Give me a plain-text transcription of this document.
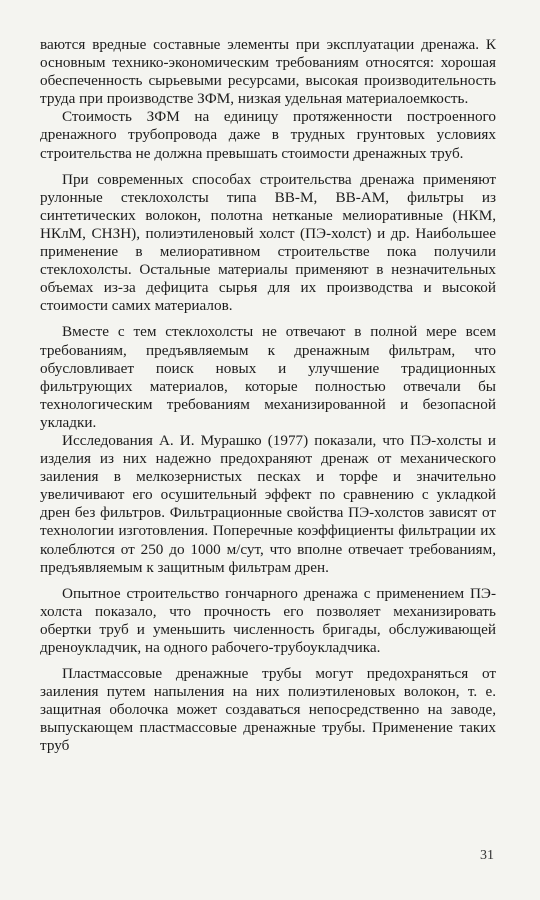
ваются вредные составные элементы при эксплуатации дренажа. К основным технико-экономическим требованиям относятся: хорошая обеспеченность сырьевыми ресурсами, высокая производительность труда при производстве ЗФМ, низкая удельная материалоемкость.

Стоимость ЗФМ на единицу протяженности построенного дренажного трубопровода даже в трудных грунтовых условиях строительства не должна превышать стоимости дренажных труб.

При современных способах строительства дренажа применяют рулонные стеклохолсты типа ВВ-М, ВВ-АМ, фильтры из синтетических волокон, полотна нетканые мелиоративные (НКМ, НКлМ, СНЗН), полиэтиленовый холст (ПЭ-холст) и др. Наибольшее применение в мелиоративном строительстве пока получили стеклохолсты. Остальные материалы применяют в незначительных объемах из-за дефицита сырья для их производства и высокой стоимости самих материалов.

Вместе с тем стеклохолсты не отвечают в полной мере всем требованиям, предъявляемым к дренажным фильтрам, что обусловливает поиск новых и улучшение традиционных фильтрующих материалов, которые полностью отвечали бы технологическим требованиям механизированной и безопасной укладки.

Исследования А. И. Мурашко (1977) показали, что ПЭ-холсты и изделия из них надежно предохраняют дренаж от механического заиления в мелкозернистых песках и торфе и значительно увеличивают его осушительный эффект по сравнению с укладкой дрен без фильтров. Фильтрационные свойства ПЭ-холстов зависят от технологии изготовления. Поперечные коэффициенты фильтрации их колеблются от 250 до 1000 м/сут, что вполне отвечает требованиям, предъявляемым к защитным фильтрам дрен.

Опытное строительство гончарного дренажа с применением ПЭ-холста показало, что прочность его позволяет механизировать обертки труб и уменьшить численность бригады, обслуживающей дреноукладчик, на одного рабочего-трубоукладчика.

Пластмассовые дренажные трубы могут предохраняться от заиления путем напыления на них полиэтиленовых волокон, т. е. защитная оболочка может создаваться непосредственно на заводе, выпускающем пластмассовые дренажные трубы. Применение таких труб

31
